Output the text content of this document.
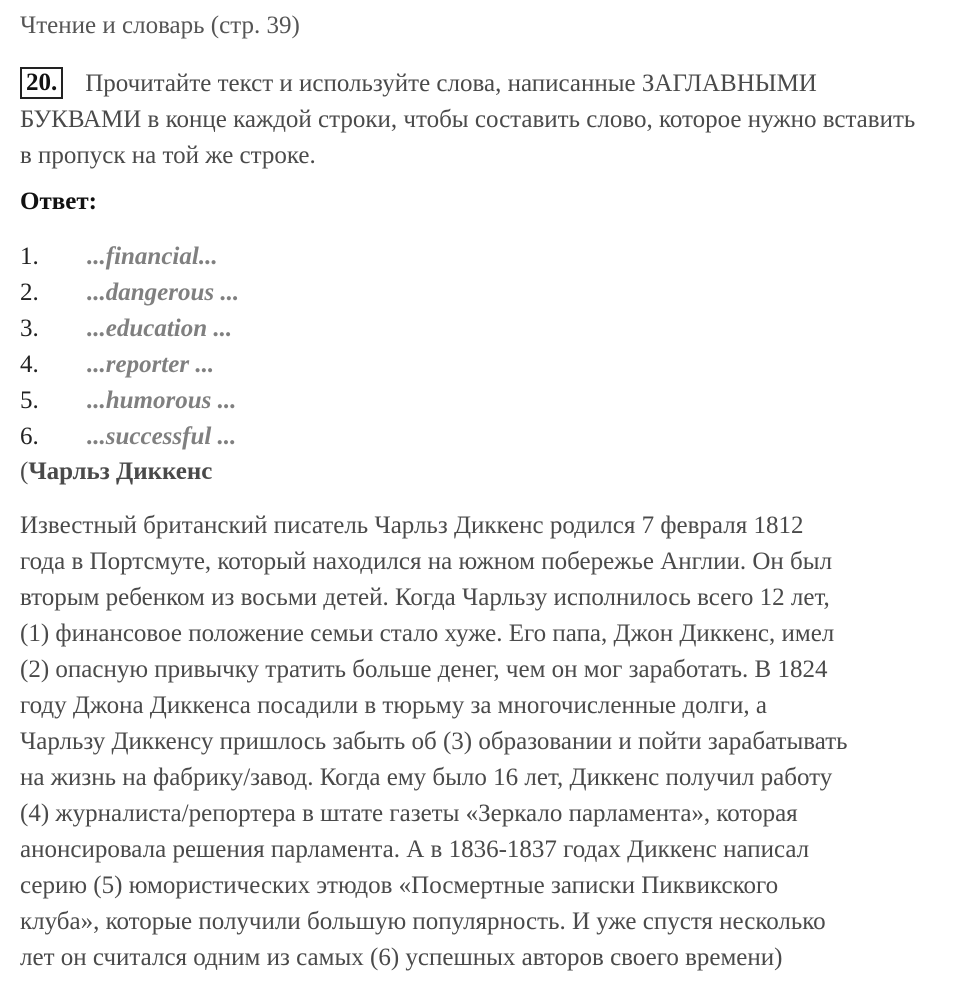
Чтение и словарь (стр. 39)
20. Прочитайте текст и используйте слова, написанные ЗАГЛАВНЫМИ БУКВАМИ в конце каждой строки, чтобы составить слово, которое нужно вставить в пропуск на той же строке.
Ответ:
1. ...financial...
2. ...dangerous ...
3. ...education ...
4. ...reporter ...
5. ...humorous ...
6. ...successful ...
(Чарльз Диккенс
Известный британский писатель Чарльз Диккенс родился 7 февраля 1812
года в Портсмуте, который находился на южном побережье Англии. Он был
вторым ребенком из восьми детей. Когда Чарльзу исполнилось всего 12 лет,
(1) финансовое положение семьи стало хуже. Его папа, Джон Диккенс, имел
(2) опасную привычку тратить больше денег, чем он мог заработать. В 1824
году Джона Диккенса посадили в тюрьму за многочисленные долги, а
Чарльзу Диккенсу пришлось забыть об (3) образовании и пойти зарабатывать
на жизнь на фабрику/завод. Когда ему было 16 лет, Диккенс получил работу
(4) журналиста/репортера в штате газеты «Зеркало парламента», которая
анонсировала решения парламента. А в 1836-1837 годах Диккенс написал
серию (5) юмористических этюдов «Посмертные записки Пиквикского
клуба», которые получили большую популярность. И уже спустя несколько
лет он считался одним из самых (6) успешных авторов своего времени)
